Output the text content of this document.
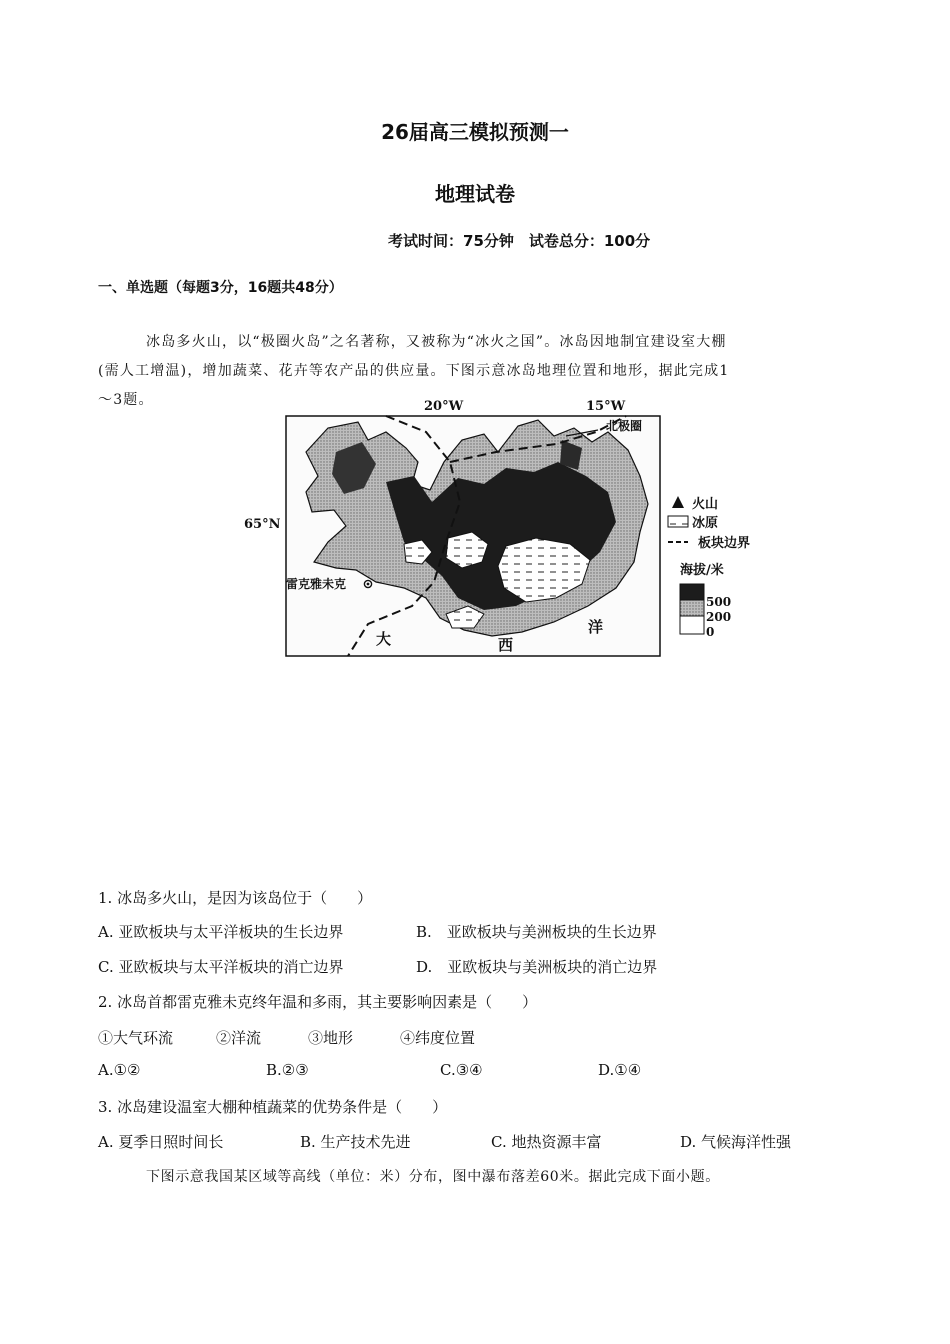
26届高三模拟预测一
地理试卷
考试时间：75分钟　试卷总分：100分
一、单选题（每题3分，16题共48分）
冰岛多火山，以“极圈火岛”之名著称，又被称为“冰火之国”。冰岛因地制宜建设室大棚
(需人工增温)，增加蔬菜、花卉等农产品的供应量。下图示意冰岛地理位置和地形，据此完成1
～3题。	20°W	15°W
65°N
北极圈
雷克雅未克
大	西
洋
火山
冰原
板块边界
海拔/米
500
200
0
1. 冰岛多火山，是因为该岛位于（　　）
A. 亚欧板块与太平洋板块的生长边界	B.　亚欧板块与美洲板块的生长边界
C. 亚欧板块与太平洋板块的消亡边界	D.　亚欧板块与美洲板块的消亡边界
2. 冰岛首都雷克雅未克终年温和多雨，其主要影响因素是（　　）
①大气环流	②洋流	③地形	④纬度位置
A.①②	B.②③	C.③④	D.①④
3. 冰岛建设温室大棚种植蔬菜的优势条件是（　　）
A. 夏季日照时间长	B. 生产技术先进	C. 地热资源丰富	D. 气候海洋性强
下图示意我国某区域等高线（单位：米）分布，图中瀑布落差60米。据此完成下面小题。
